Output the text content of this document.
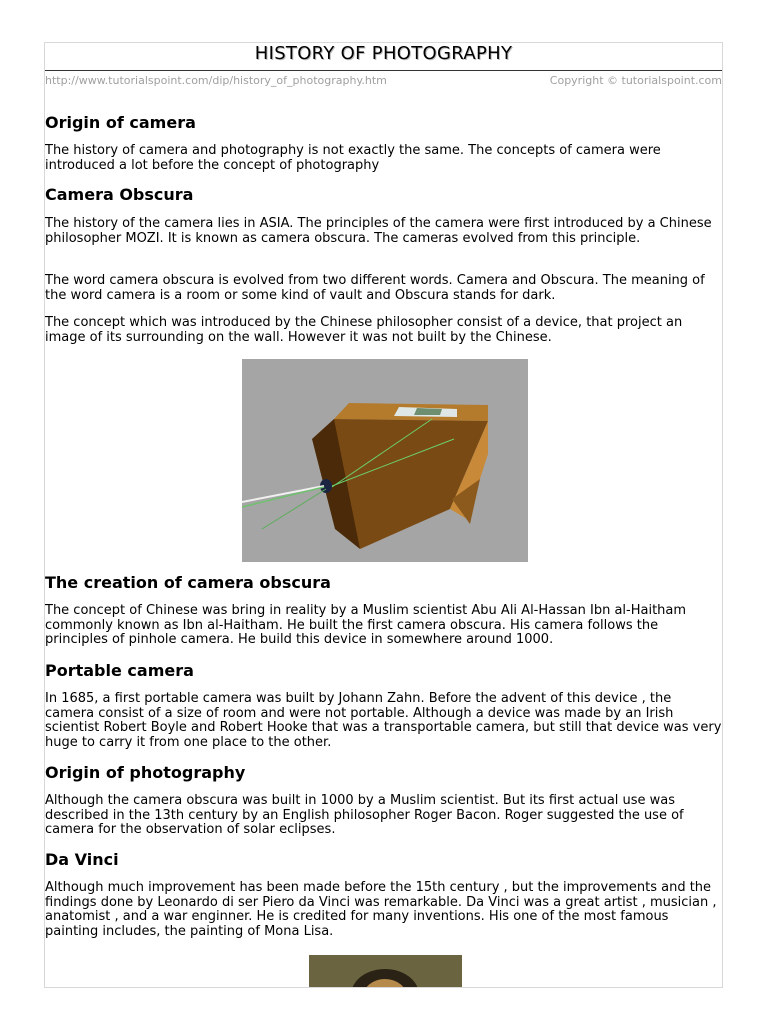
HISTORY OF PHOTOGRAPHY
http://www.tutorialspoint.com/dip/history_of_photography.htm	Copyright © tutorialspoint.com
Origin of camera

The history of camera and photography is not exactly the same. The concepts of camera were introduced a lot before the concept of photography

Camera Obscura

The history of the camera lies in ASIA. The principles of the camera were first introduced by a Chinese philosopher MOZI. It is known as camera obscura. The cameras evolved from this principle.

The word camera obscura is evolved from two different words. Camera and Obscura. The meaning of the word camera is a room or some kind of vault and Obscura stands for dark.

The concept which was introduced by the Chinese philosopher consist of a device, that project an image of its surrounding on the wall. However it was not built by the Chinese.

The creation of camera obscura

The concept of Chinese was bring in reality by a Muslim scientist Abu Ali Al-Hassan Ibn al-Haitham commonly known as Ibn al-Haitham. He built the first camera obscura. His camera follows the principles of pinhole camera. He build this device in somewhere around 1000.

Portable camera

In 1685, a first portable camera was built by Johann Zahn. Before the advent of this device , the camera consist of a size of room and were not portable. Although a device was made by an Irish scientist Robert Boyle and Robert Hooke that was a transportable camera, but still that device was very huge to carry it from one place to the other.

Origin of photography

Although the camera obscura was built in 1000 by a Muslim scientist. But its first actual use was described in the 13th century by an English philosopher Roger Bacon. Roger suggested the use of camera for the observation of solar eclipses.

Da Vinci

Although much improvement has been made before the 15th century , but the improvements and the findings done by Leonardo di ser Piero da Vinci was remarkable. Da Vinci was a great artist , musician , anatomist , and a war enginner. He is credited for many inventions. His one of the most famous painting includes, the painting of Mona Lisa.
